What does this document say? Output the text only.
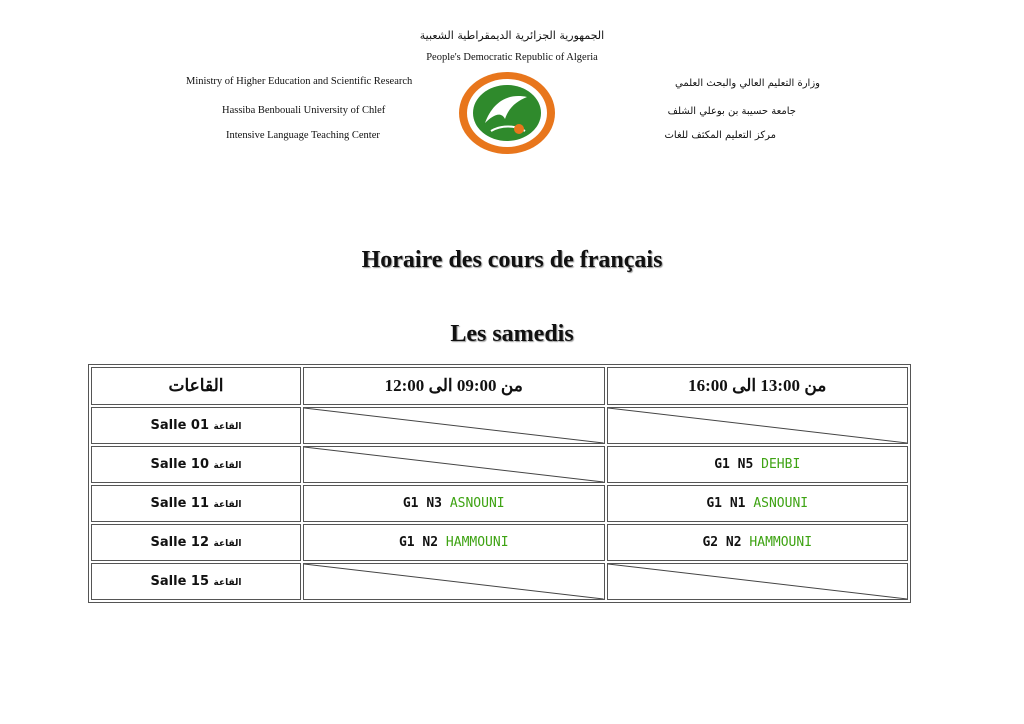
الجمهورية الجزائرية الديمقراطية الشعبية
People's Democratic Republic of Algeria
Ministry of Higher Education and Scientific Research
Hassiba Benbouali University of Chlef
Intensive Language Teaching Center
وزارة التعليم العالي والبحث العلمي
جامعة حسيبة بن بوعلي الشلف
مركز التعليم المكثف للغات
Horaire des cours de français
Les samedis
القاعات	من 09:00 الى 12:00	من 13:00 الى 16:00
Salle 01 القاعة	

Salle 10 القاعة		G1 N5 DEHBI
Salle 11 القاعة	G1 N3 ASNOUNI	G1 N1 ASNOUNI
Salle 12 القاعة	G1 N2 HAMMOUNI	G2 N2 HAMMOUNI
Salle 15 القاعة	
